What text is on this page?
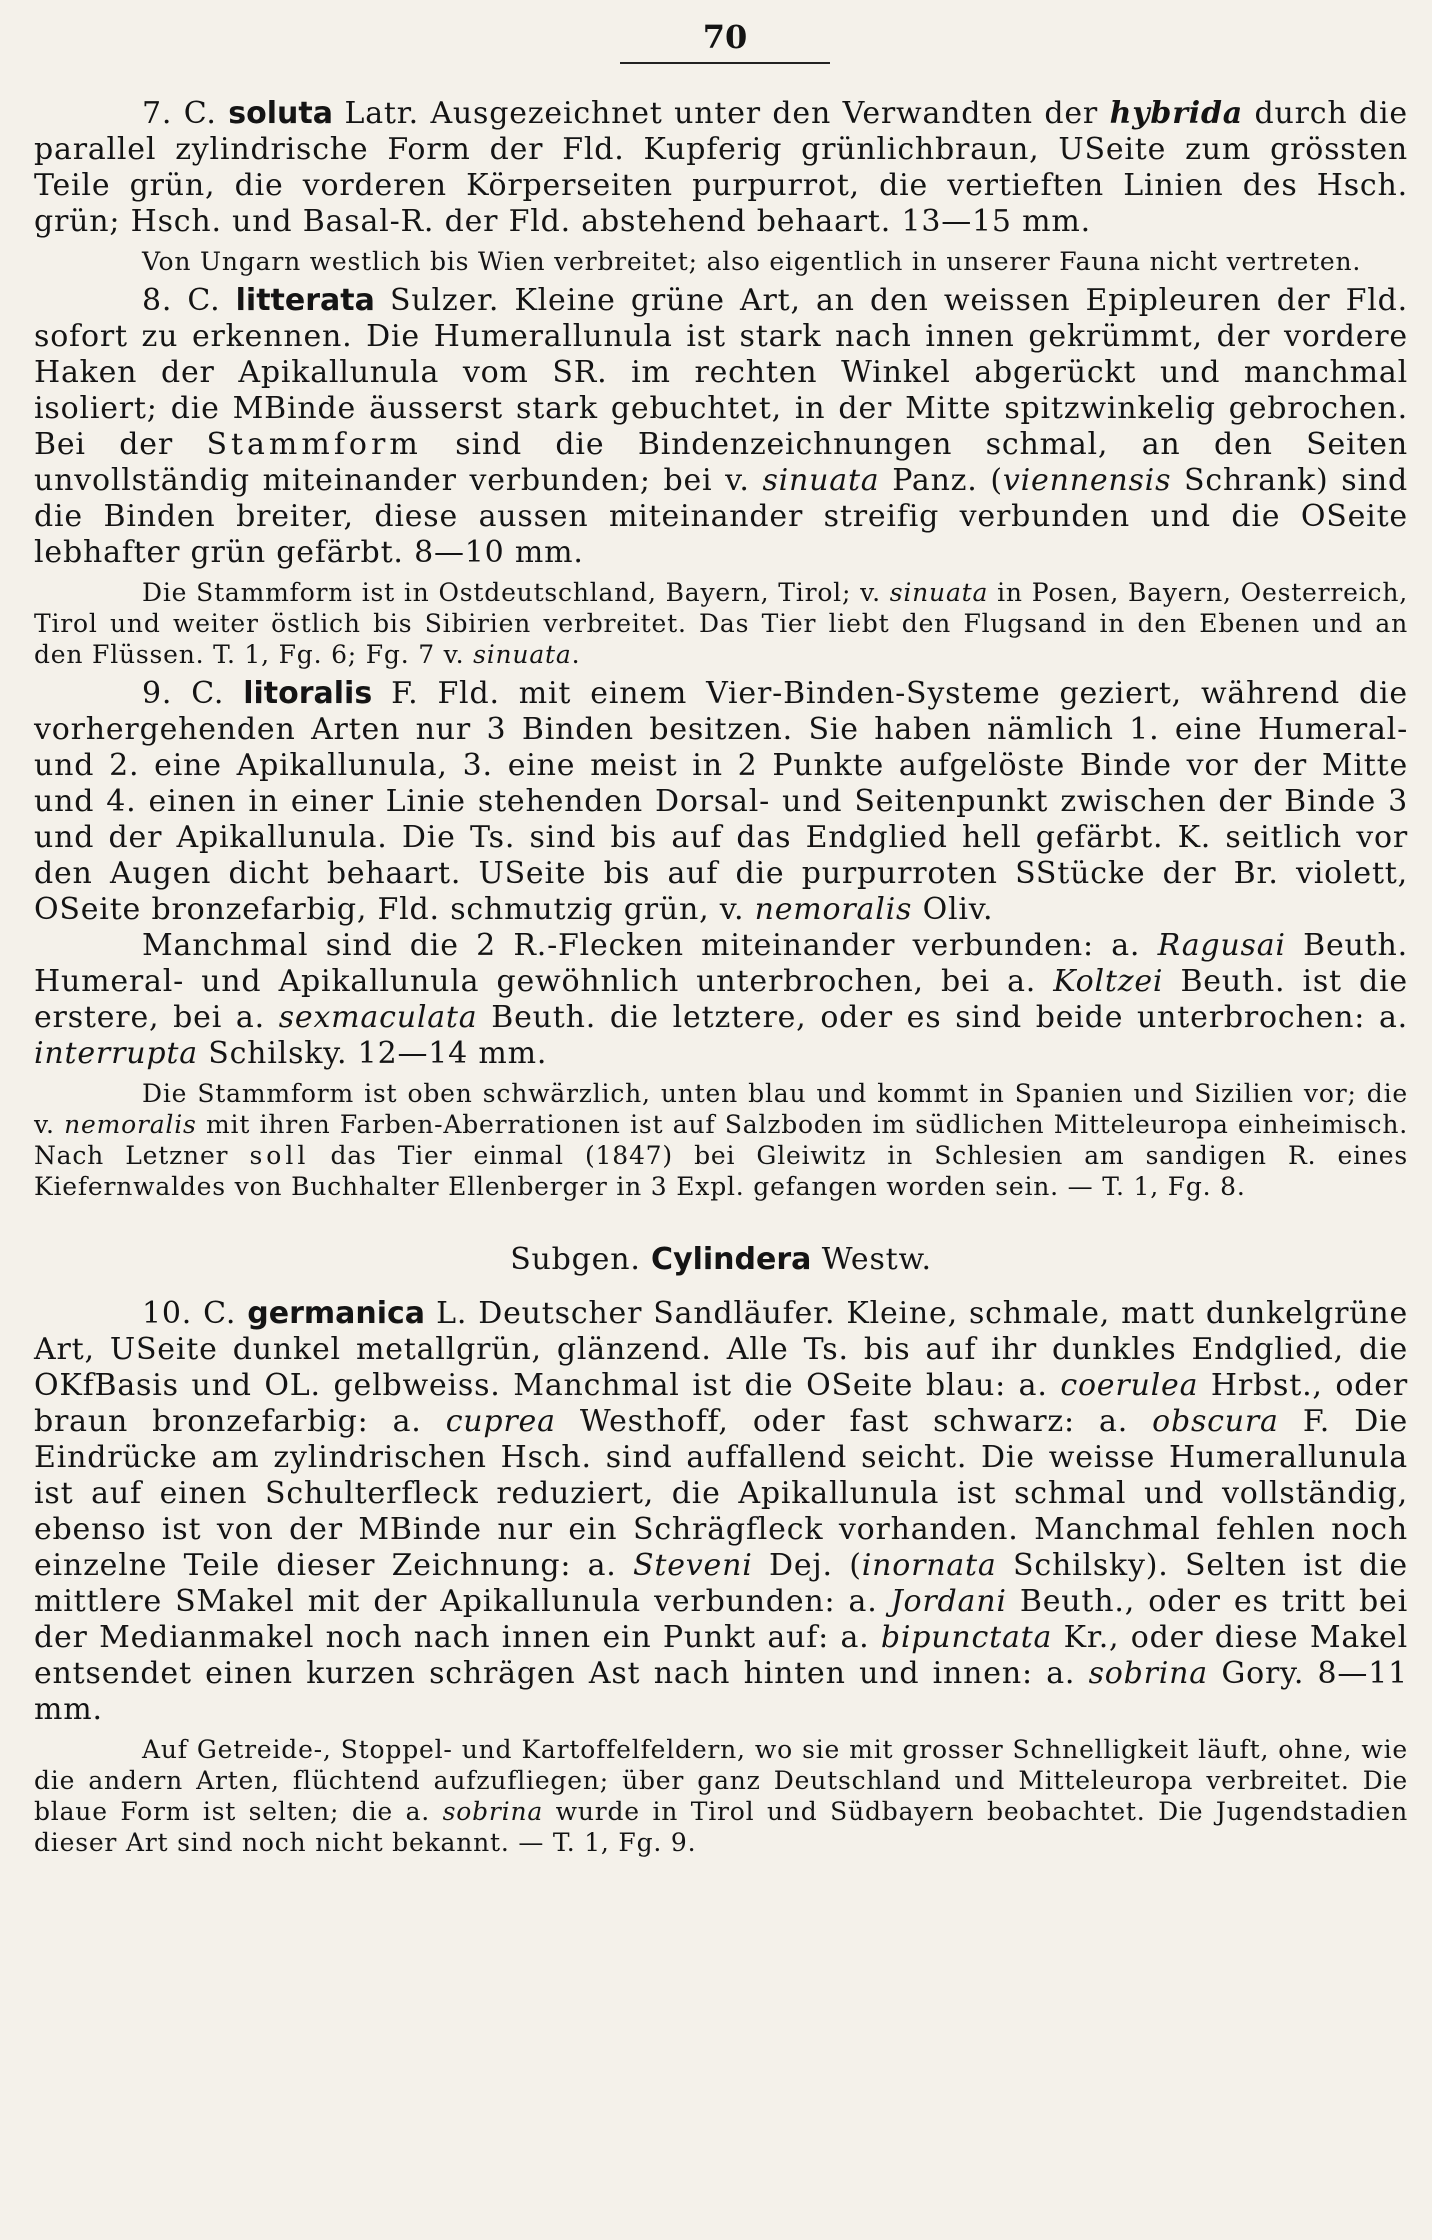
70

7. C. soluta Latr. Ausgezeichnet unter den Verwandten der hybrida durch die parallel zylindrische Form der Fld. Kupferig grünlichbraun, USeite zum grössten Teile grün, die vorderen Körperseiten purpurrot, die vertieften Linien des Hsch. grün; Hsch. und Basal-R. der Fld. abstehend behaart. 13—15 mm.

Von Ungarn westlich bis Wien verbreitet; also eigentlich in unserer Fauna nicht vertreten.

8. C. litterata Sulzer. Kleine grüne Art, an den weissen Epipleuren der Fld. sofort zu erkennen. Die Humerallunula ist stark nach innen gekrümmt, der vordere Haken der Apikallunula vom SR. im rechten Winkel abgerückt und manchmal isoliert; die MBinde äusserst stark gebuchtet, in der Mitte spitzwinkelig gebrochen. Bei der Stammform sind die Bindenzeichnungen schmal, an den Seiten unvollständig miteinander verbunden; bei v. sinuata Panz. (viennensis Schrank) sind die Binden breiter, diese aussen miteinander streifig verbunden und die OSeite lebhafter grün gefärbt. 8—10 mm.

Die Stammform ist in Ostdeutschland, Bayern, Tirol; v. sinuata in Posen, Bayern, Oesterreich, Tirol und weiter östlich bis Sibirien verbreitet. Das Tier liebt den Flugsand in den Ebenen und an den Flüssen. T. 1, Fg. 6; Fg. 7 v. sinuata.

9. C. litoralis F. Fld. mit einem Vier-Binden-Systeme geziert, während die vorhergehenden Arten nur 3 Binden besitzen. Sie haben nämlich 1. eine Humeral- und 2. eine Apikallunula, 3. eine meist in 2 Punkte aufgelöste Binde vor der Mitte und 4. einen in einer Linie stehenden Dorsal- und Seitenpunkt zwischen der Binde 3 und der Apikallunula. Die Ts. sind bis auf das Endglied hell gefärbt. K. seitlich vor den Augen dicht behaart. USeite bis auf die purpurroten SStücke der Br. violett, OSeite bronzefarbig, Fld. schmutzig grün, v. nemoralis Oliv.

Manchmal sind die 2 R.-Flecken miteinander verbunden: a. Ragusai Beuth. Humeral- und Apikallunula gewöhnlich unterbrochen, bei a. Koltzei Beuth. ist die erstere, bei a. sexmaculata Beuth. die letztere, oder es sind beide unterbrochen: a. interrupta Schilsky. 12—14 mm.

Die Stammform ist oben schwärzlich, unten blau und kommt in Spanien und Sizilien vor; die v. nemoralis mit ihren Farben-Aberrationen ist auf Salzboden im südlichen Mitteleuropa einheimisch. Nach Letzner soll das Tier einmal (1847) bei Gleiwitz in Schlesien am sandigen R. eines Kiefernwaldes von Buchhalter Ellenberger in 3 Expl. gefangen worden sein. — T. 1, Fg. 8.

Subgen. Cylindera Westw.

10. C. germanica L. Deutscher Sandläufer. Kleine, schmale, matt dunkelgrüne Art, USeite dunkel metallgrün, glänzend. Alle Ts. bis auf ihr dunkles Endglied, die OKfBasis und OL. gelbweiss. Manchmal ist die OSeite blau: a. coerulea Hrbst., oder braun bronzefarbig: a. cuprea Westhoff, oder fast schwarz: a. obscura F. Die Eindrücke am zylindrischen Hsch. sind auffallend seicht. Die weisse Humerallunula ist auf einen Schulterfleck reduziert, die Apikallunula ist schmal und vollständig, ebenso ist von der MBinde nur ein Schrägfleck vorhanden. Manchmal fehlen noch einzelne Teile dieser Zeichnung: a. Steveni Dej. (inornata Schilsky). Selten ist die mittlere SMakel mit der Apikallunula verbunden: a. Jordani Beuth., oder es tritt bei der Medianmakel noch nach innen ein Punkt auf: a. bipunctata Kr., oder diese Makel entsendet einen kurzen schrägen Ast nach hinten und innen: a. sobrina Gory. 8—11 mm.

Auf Getreide-, Stoppel- und Kartoffelfeldern, wo sie mit grosser Schnelligkeit läuft, ohne, wie die andern Arten, flüchtend aufzufliegen; über ganz Deutschland und Mitteleuropa verbreitet. Die blaue Form ist selten; die a. sobrina wurde in Tirol und Südbayern beobachtet. Die Jugendstadien dieser Art sind noch nicht bekannt. — T. 1, Fg. 9.
